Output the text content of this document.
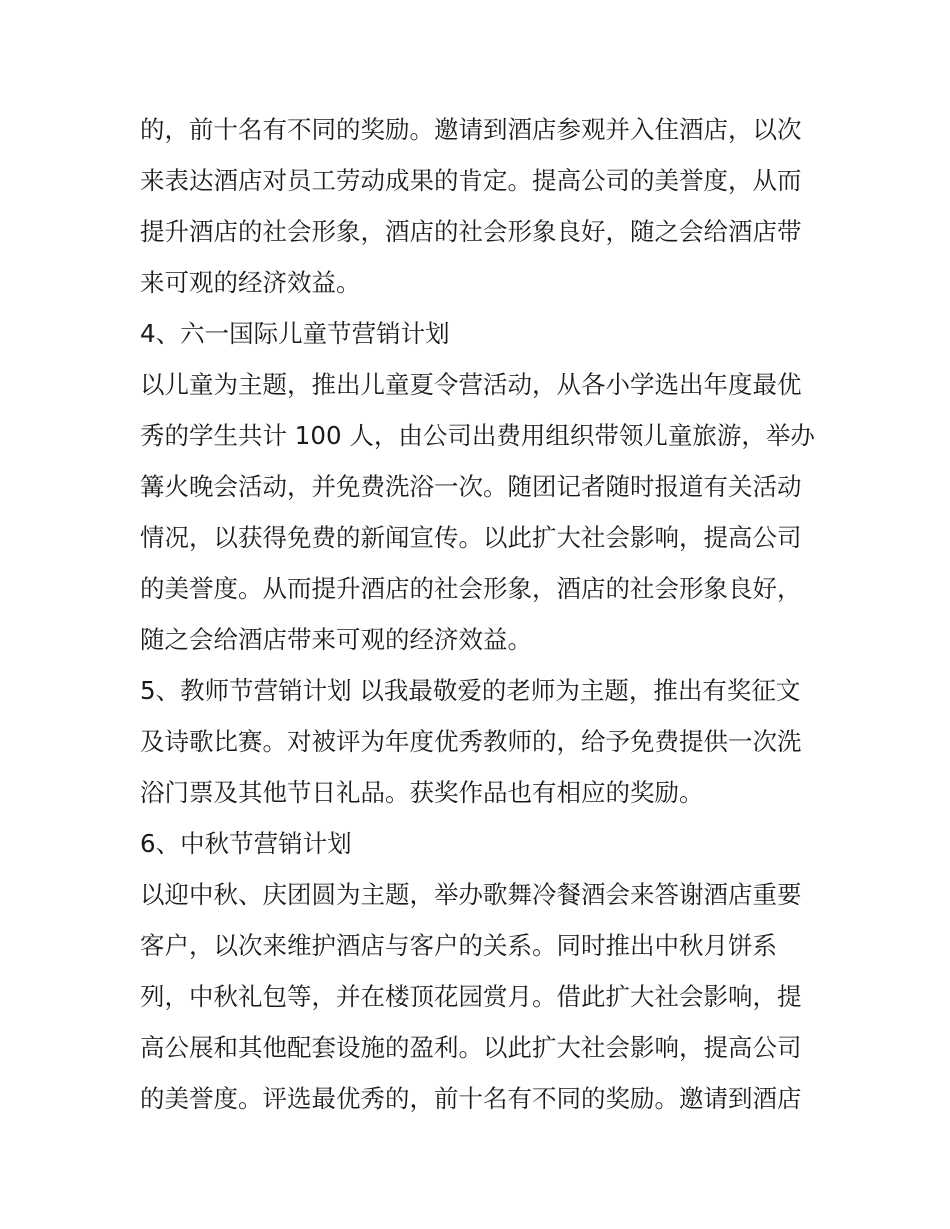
的，前十名有不同的奖励。邀请到酒店参观并入住酒店，以次
来表达酒店对员工劳动成果的肯定。提高公司的美誉度，从而
提升酒店的社会形象，酒店的社会形象良好，随之会给酒店带
来可观的经济效益。
4、六一国际儿童节营销计划
以儿童为主题，推出儿童夏令营活动，从各小学选出年度最优
秀的学生共计 100 人，由公司出费用组织带领儿童旅游，举办
篝火晚会活动，并免费洗浴一次。随团记者随时报道有关活动
情况，以获得免费的新闻宣传。以此扩大社会影响，提高公司
的美誉度。从而提升酒店的社会形象，酒店的社会形象良好，
随之会给酒店带来可观的经济效益。
5、教师节营销计划 以我最敬爱的老师为主题，推出有奖征文
及诗歌比赛。对被评为年度优秀教师的，给予免费提供一次洗
浴门票及其他节日礼品。获奖作品也有相应的奖励。
6、中秋节营销计划
以迎中秋、庆团圆为主题，举办歌舞冷餐酒会来答谢酒店重要
客户，以次来维护酒店与客户的关系。同时推出中秋月饼系
列，中秋礼包等，并在楼顶花园赏月。借此扩大社会影响，提
高公展和其他配套设施的盈利。以此扩大社会影响，提高公司
的美誉度。评选最优秀的，前十名有不同的奖励。邀请到酒店
